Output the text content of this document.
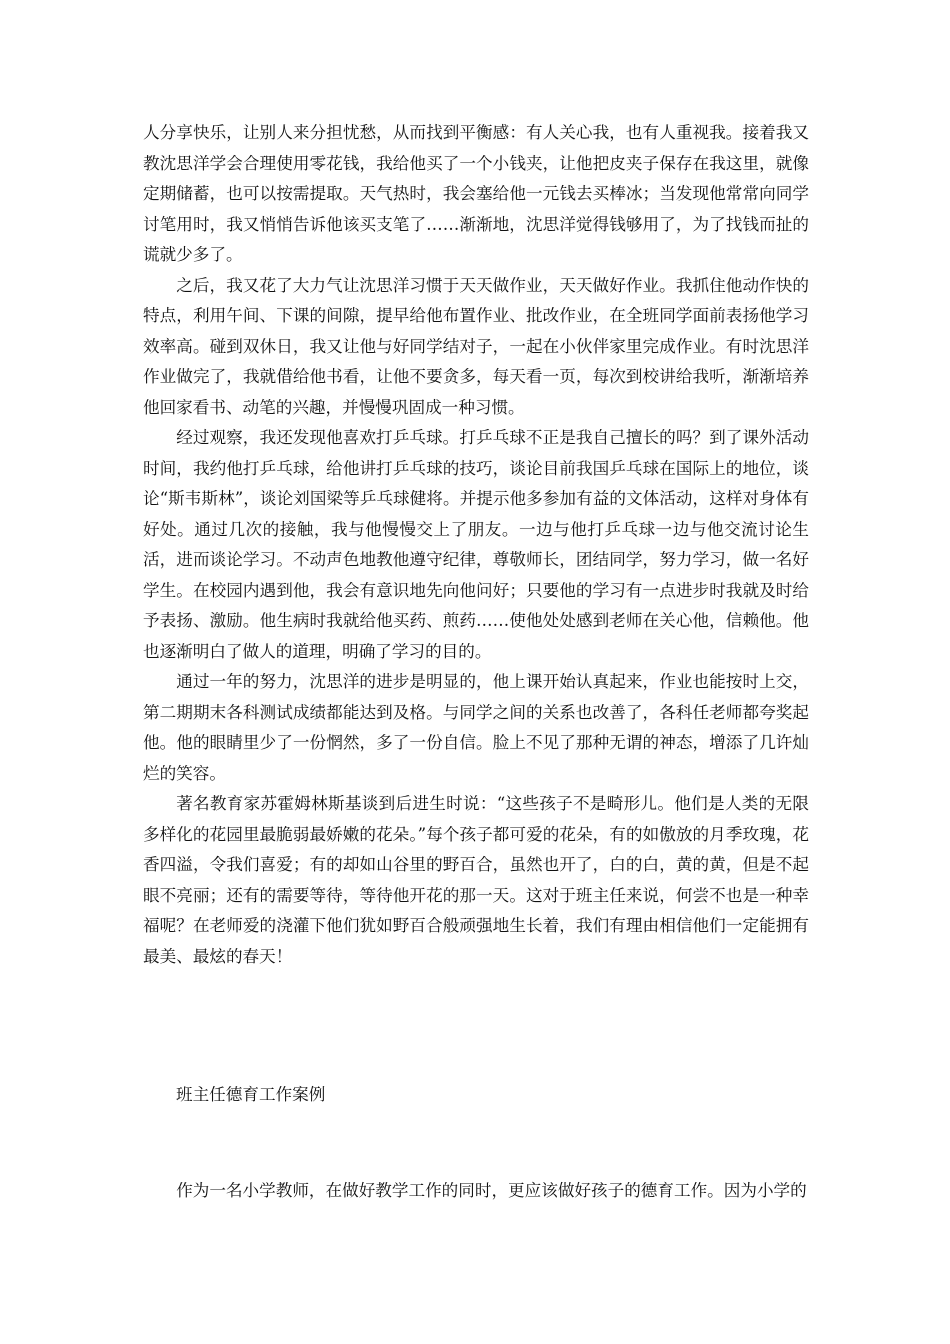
人分享快乐，让别人来分担忧愁，从而找到平衡感：有人关心我，也有人重视我。接着我又教沈思洋学会合理使用零花钱，我给他买了一个小钱夹，让他把皮夹子保存在我这里，就像定期储蓄，也可以按需提取。天气热时，我会塞给他一元钱去买棒冰；当发现他常常向同学讨笔用时，我又悄悄告诉他该买支笔了……渐渐地，沈思洋觉得钱够用了，为了找钱而扯的谎就少多了。

之后，我又花了大力气让沈思洋习惯于天天做作业，天天做好作业。我抓住他动作快的特点，利用午间、下课的间隙，提早给他布置作业、批改作业，在全班同学面前表扬他学习效率高。碰到双休日，我又让他与好同学结对子，一起在小伙伴家里完成作业。有时沈思洋作业做完了，我就借给他书看，让他不要贪多，每天看一页，每次到校讲给我听，渐渐培养他回家看书、动笔的兴趣，并慢慢巩固成一种习惯。

经过观察，我还发现他喜欢打乒乓球。打乒乓球不正是我自己擅长的吗？到了课外活动时间，我约他打乒乓球，给他讲打乒乓球的技巧，谈论目前我国乒乓球在国际上的地位，谈论“斯韦斯林”，谈论刘国梁等乒乓球健将。并提示他多参加有益的文体活动，这样对身体有好处。通过几次的接触，我与他慢慢交上了朋友。一边与他打乒乓球一边与他交流讨论生活，进而谈论学习。不动声色地教他遵守纪律，尊敬师长，团结同学，努力学习，做一名好学生。在校园内遇到他，我会有意识地先向他问好；只要他的学习有一点进步时我就及时给予表扬、激励。他生病时我就给他买药、煎药……使他处处感到老师在关心他，信赖他。他也逐渐明白了做人的道理，明确了学习的目的。

通过一年的努力，沈思洋的进步是明显的，他上课开始认真起来，作业也能按时上交，第二期期末各科测试成绩都能达到及格。与同学之间的关系也改善了，各科任老师都夸奖起他。他的眼睛里少了一份惘然，多了一份自信。脸上不见了那种无谓的神态，增添了几许灿烂的笑容。

著名教育家苏霍姆林斯基谈到后进生时说：“这些孩子不是畸形儿。他们是人类的无限多样化的花园里最脆弱最娇嫩的花朵。”每个孩子都可爱的花朵，有的如傲放的月季玫瑰，花香四溢，令我们喜爱；有的却如山谷里的野百合，虽然也开了，白的白，黄的黄，但是不起眼不亮丽；还有的需要等待，等待他开花的那一天。这对于班主任来说，何尝不也是一种幸福呢？在老师爱的浇灌下他们犹如野百合般顽强地生长着，我们有理由相信他们一定能拥有最美、最炫的春天！

班主任德育工作案例

作为一名小学教师，在做好教学工作的同时，更应该做好孩子的德育工作。因为小学的
